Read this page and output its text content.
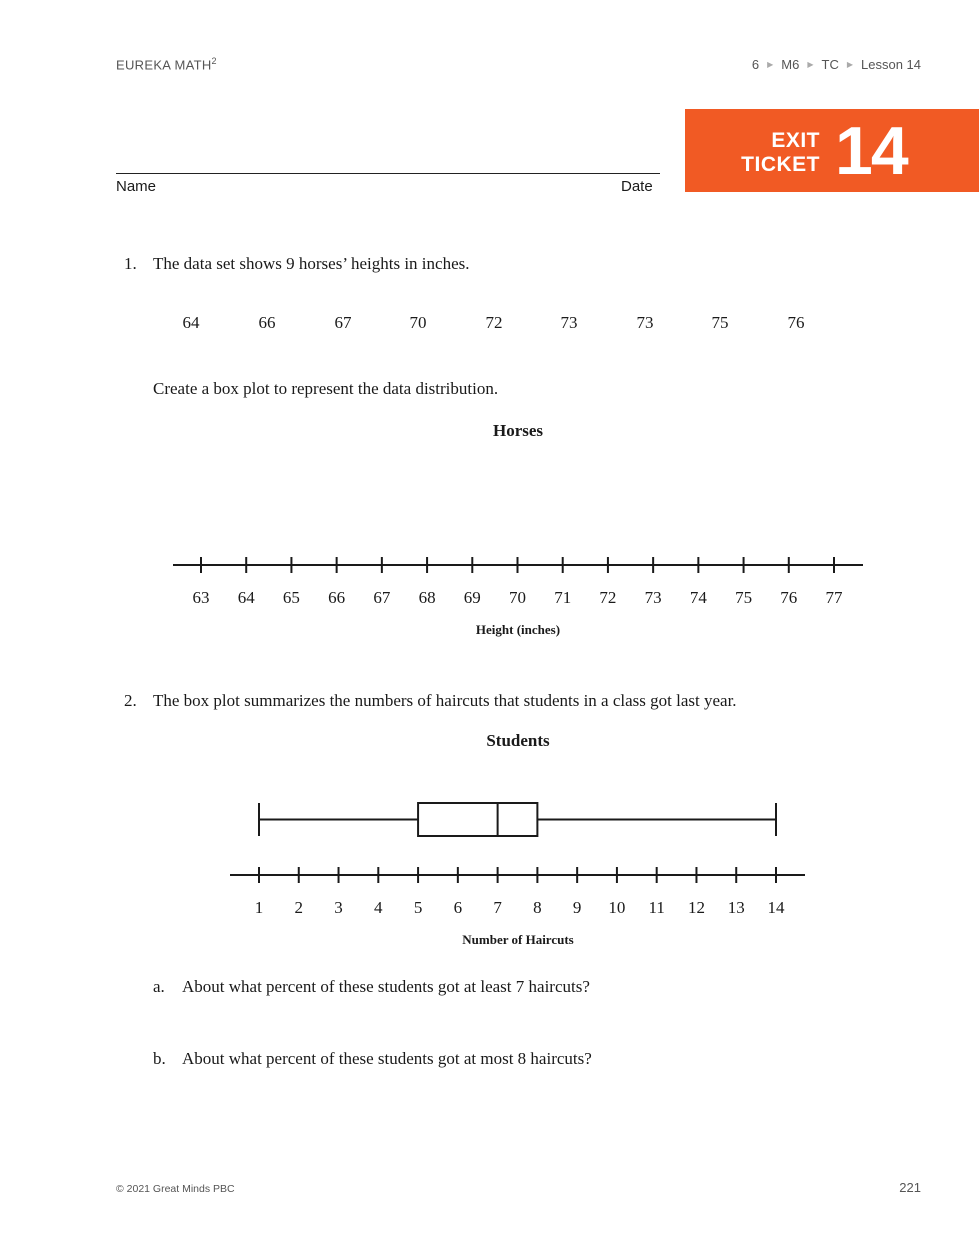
EUREKA MATH$^2$	6 ▶ M6 ▶ TC ▶ Lesson 14
EXIT
TICKET 14
Name	Date
1. The data set shows 9 horses’ heights in inches.
64	66	67	70	72	73	73	75	76
Create a box plot to represent the data distribution.
Horses
63 64 65 66 67 68 69 70 71 72 73 74 75 76 77
Height (inches)
2. The box plot summarizes the numbers of haircuts that students in a class got last year.
Students
1 2 3 4 5 6 7 8 9 10 11 12 13 14
Number of Haircuts
a. About what percent of these students got at least 7 haircuts?
b. About what percent of these students got at most 8 haircuts?
© 2021 Great Minds PBC	221
